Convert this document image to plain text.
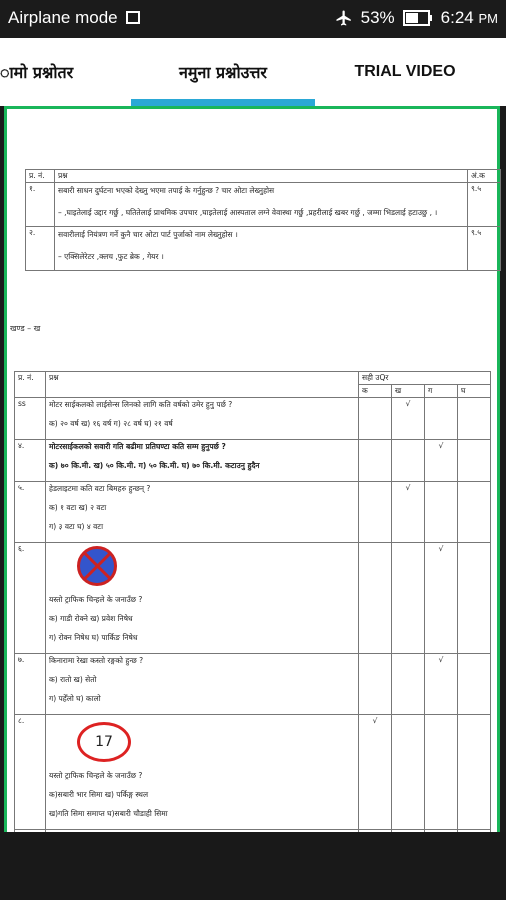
Airplane mode	53%	6:24 PM
ामो प्रश्नोतर	नमुना प्रश्नोउत्तर	TRIAL VIDEO
प्र. नं.	प्रश्न	अं.क
१.	सबारी साधन दुर्घटना भएको देख्नु भएमा तपाई के गर्नुहुन्छ ? चार ओटा लेख्नुहोस
– ,घाइतेलाई उद्दार गर्छु , घतितेलाई प्राथमिक उपचार ,घाइतेलाई आस्पताल लग्ने वेवास्था गर्छु ,प्रहरीलाई खबर गर्छु , जम्मा भिडलाई हटाउछु , ।	९.५
२.	सवारीलाई नियंत्रण गर्ने कुनै चार ओटा पार्ट पुर्जाको नाम लेख्नुहोस ।
– एक्सिलेरेटर ,क्लच ,फुट ब्रेक , गेयर ।	९.५
खण्ड – ख
प्र. नं.	प्रश्न	सही उQर			
		क	ख	ग	घ
ss	मोटर साईकलको लाईसेन्स लिनको लागि कति वर्षको उमेर हुनु पर्छ ?
क) २० वर्ष ख) १६ वर्ष ग) २८ वर्ष घ) २१ वर्ष		√		
४.	मोटरसाईकलको सवारी गति बढीमा प्रतिघण्टा कति सम्म हुनुपर्छ ?
क) ७० कि.मी. ख) ५० कि.मी. ग) ५० कि.मी. घ) ७० कि.मी. कटाउनु हुदैन			√	
५.	हेडलाइटमा कति वटा बिमहरु हुन्छन् ?
क) १ वटा ख) २ वटा
ग) ३ वटा घ) ४ वटा		√		
६.	यस्तो ट्राफिक चिन्हले के जनाउँछ ?
क) गाडी रोक्ने ख) प्रवेश निषेध
ग) रोक्न निषेध घ) पार्किङ निषेध			√	
७.	किनारामा रेखा कस्तो रङ्गको हुन्छ ?
क) रातो ख) सेतो
ग) पहेँलो घ) कालो			√	
८.	17
यस्तो ट्राफिक चिन्हले के जनाउँछ ?
क)सबारी भार सिमा ख) पर्किङ्ग स्थल
ख)गति सिमा समाप्त घ)सबारी चौडाही सिमा	√			
